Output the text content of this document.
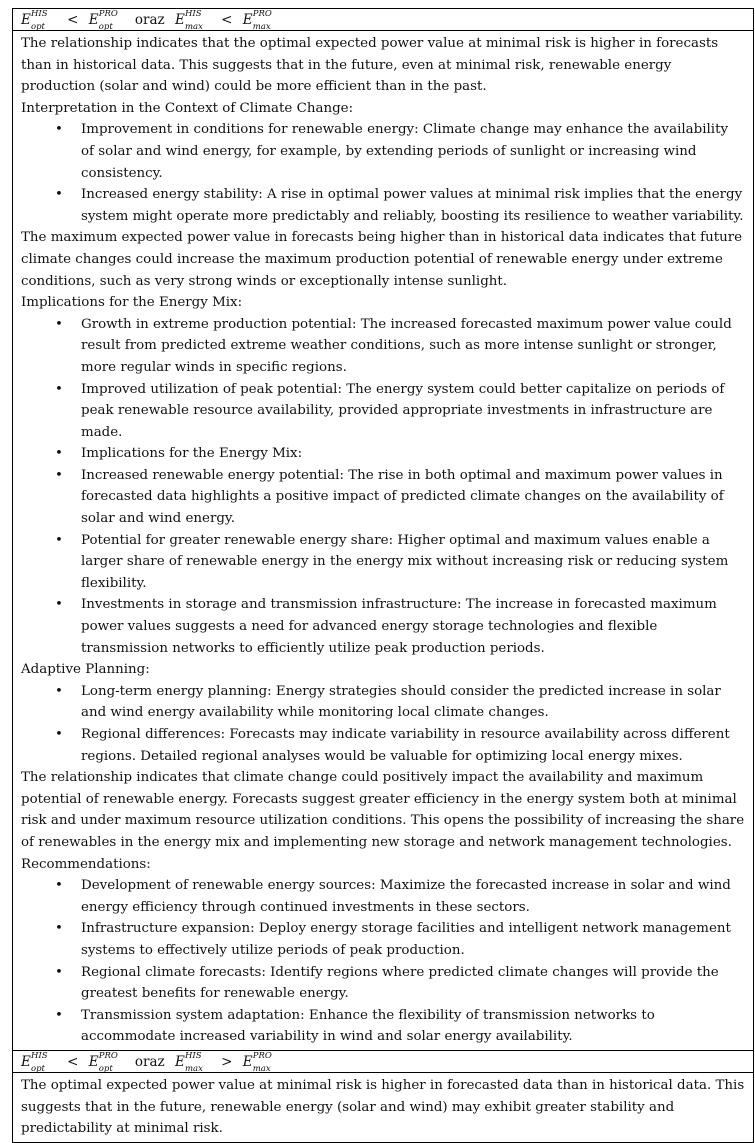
E HIS
opt < E PRO
opt oraz E HIS
max < E PRO
max

The relationship indicates that the optimal expected power value at minimal risk is higher in forecasts than in historical data. This suggests that in the future, even at minimal risk, renewable energy production (solar and wind) could be more efficient than in the past.

Interpretation in the Context of Climate Change:

• Improvement in conditions for renewable energy: Climate change may enhance the availability of solar and wind energy, for example, by extending periods of sunlight or increasing wind consistency.
• Increased energy stability: A rise in optimal power values at minimal risk implies that the energy system might operate more predictably and reliably, boosting its resilience to weather variability.

The maximum expected power value in forecasts being higher than in historical data indicates that future climate changes could increase the maximum production potential of renewable energy under extreme conditions, such as very strong winds or exceptionally intense sunlight.

Implications for the Energy Mix:

• Growth in extreme production potential: The increased forecasted maximum power value could result from predicted extreme weather conditions, such as more intense sunlight or stronger, more regular winds in specific regions.
• Improved utilization of peak potential: The energy system could better capitalize on periods of peak renewable resource availability, provided appropriate investments in infrastructure are made.
• Implications for the Energy Mix:
• Increased renewable energy potential: The rise in both optimal and maximum power values in forecasted data highlights a positive impact of predicted climate changes on the availability of solar and wind energy.
• Potential for greater renewable energy share: Higher optimal and maximum values enable a larger share of renewable energy in the energy mix without increasing risk or reducing system flexibility.
• Investments in storage and transmission infrastructure: The increase in forecasted maximum power values suggests a need for advanced energy storage technologies and flexible transmission networks to efficiently utilize peak production periods.

Adaptive Planning:

• Long-term energy planning: Energy strategies should consider the predicted increase in solar and wind energy availability while monitoring local climate changes.
• Regional differences: Forecasts may indicate variability in resource availability across different regions. Detailed regional analyses would be valuable for optimizing local energy mixes.

The relationship indicates that climate change could positively impact the availability and maximum potential of renewable energy. Forecasts suggest greater efficiency in the energy system both at minimal risk and under maximum resource utilization conditions. This opens the possibility of increasing the share of renewables in the energy mix and implementing new storage and network management technologies.

Recommendations:

• Development of renewable energy sources: Maximize the forecasted increase in solar and wind energy efficiency through continued investments in these sectors.
• Infrastructure expansion: Deploy energy storage facilities and intelligent network management systems to effectively utilize periods of peak production.
• Regional climate forecasts: Identify regions where predicted climate changes will provide the greatest benefits for renewable energy.
• Transmission system adaptation: Enhance the flexibility of transmission networks to accommodate increased variability in wind and solar energy availability.
E HIS
opt < E PRO
opt oraz E HIS
max > E PRO
max

The optimal expected power value at minimal risk is higher in forecasted data than in historical data. This suggests that in the future, renewable energy (solar and wind) may exhibit greater stability and predictability at minimal risk.
